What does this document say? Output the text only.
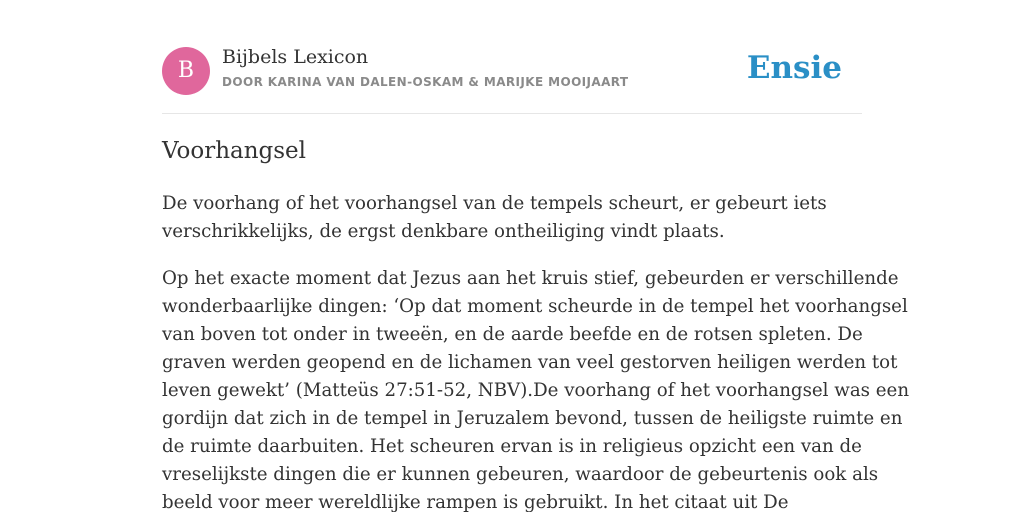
B
Bijbels Lexicon
DOOR KARINA VAN DALEN-OSKAM & MARIJKE MOOIJAART	Ensie
Voorhangsel
De voorhang of het voorhangsel van de tempels scheurt, er gebeurt iets
verschrikkelijks, de ergst denkbare ontheiliging vindt plaats.
Op het exacte moment dat Jezus aan het kruis stief, gebeurden er verschillende
wonderbaarlijke dingen: ‘Op dat moment scheurde in de tempel het voorhangsel
van boven tot onder in tweeën, en de aarde beefde en de rotsen spleten. De
graven werden geopend en de lichamen van veel gestorven heiligen werden tot
leven gewekt’ (Matteüs 27:51-52, NBV).De voorhang of het voorhangsel was een
gordijn dat zich in de tempel in Jeruzalem bevond, tussen de heiligste ruimte en
de ruimte daarbuiten. Het scheuren ervan is in religieus opzicht een van de
vreselijkste dingen die er kunnen gebeuren, waardoor de gebeurtenis ook als
beeld voor meer wereldlijke rampen is gebruikt. In het citaat uit De
